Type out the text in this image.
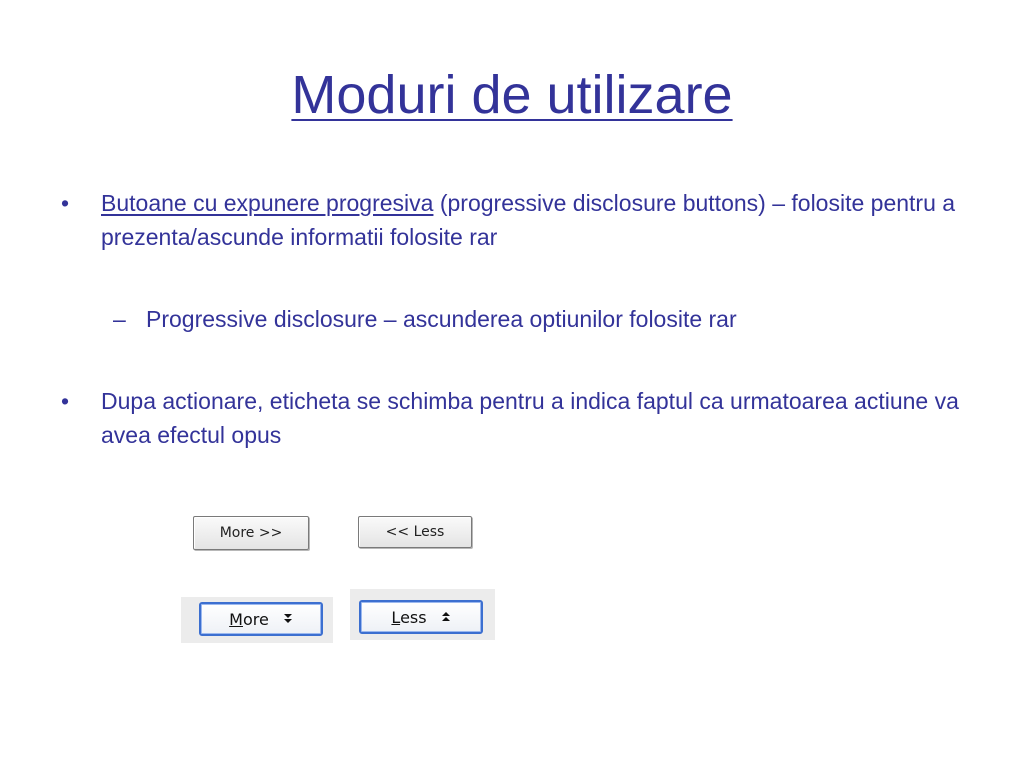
Moduri de utilizare
• Butoane cu expunere progresiva (progressive disclosure buttons) – folosite pentru a prezenta/ascunde informatii folosite rar
– Progressive disclosure – ascunderea optiunilor folosite rar
• Dupa actionare, eticheta se schimba pentru a indica faptul ca urmatoarea actiune va avea efectul opus
More >>	<< Less
More	Less
